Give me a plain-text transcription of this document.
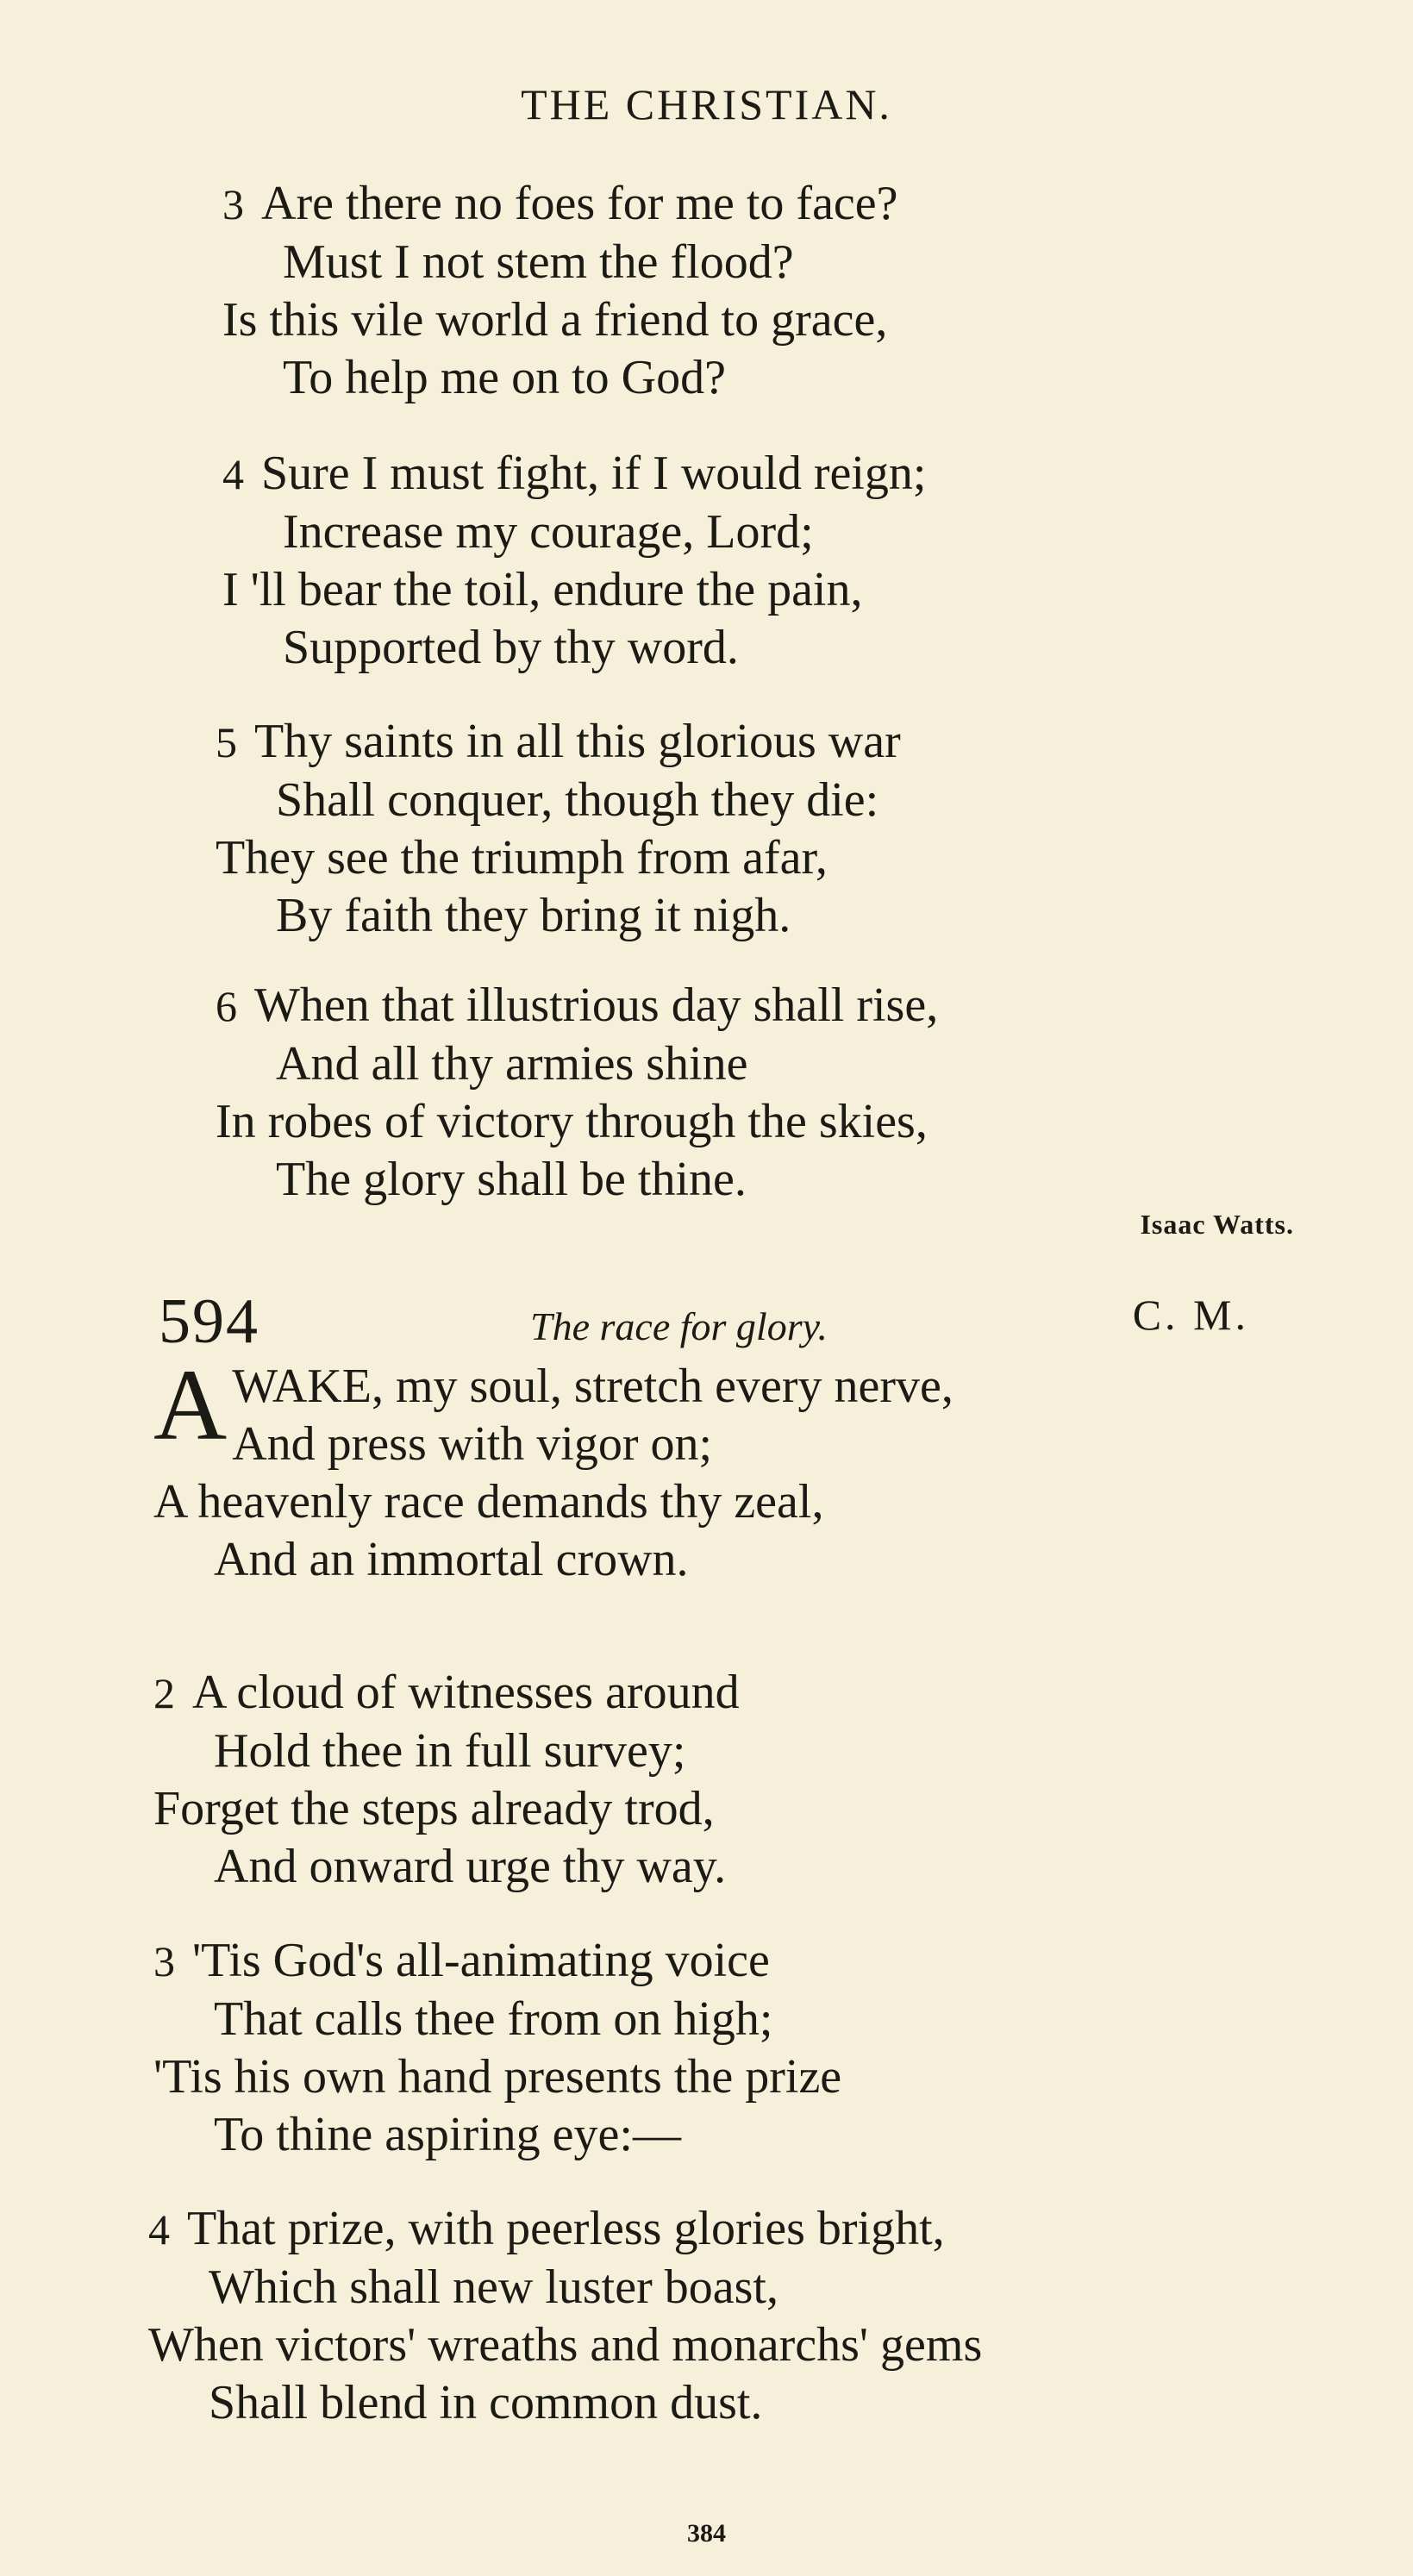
THE CHRISTIAN.
3 Are there no foes for me to face?
Must I not stem the flood?
Is this vile world a friend to grace,
To help me on to God?
4 Sure I must fight, if I would reign;
Increase my courage, Lord;
I 'll bear the toil, endure the pain,
Supported by thy word.
5 Thy saints in all this glorious war
Shall conquer, though they die:
They see the triumph from afar,
By faith they bring it nigh.
6 When that illustrious day shall rise,
And all thy armies shine
In robes of victory through the skies,
The glory shall be thine.
Isaac Watts.
594	The race for glory.	C. M.
A WAKE, my soul, stretch every nerve,
And press with vigor on;
A heavenly race demands thy zeal,
And an immortal crown.
2 A cloud of witnesses around
Hold thee in full survey;
Forget the steps already trod,
And onward urge thy way.
3 'Tis God's all-animating voice
That calls thee from on high;
'Tis his own hand presents the prize
To thine aspiring eye:—
4 That prize, with peerless glories bright,
Which shall new luster boast,
When victors' wreaths and monarchs' gems
Shall blend in common dust.
384
